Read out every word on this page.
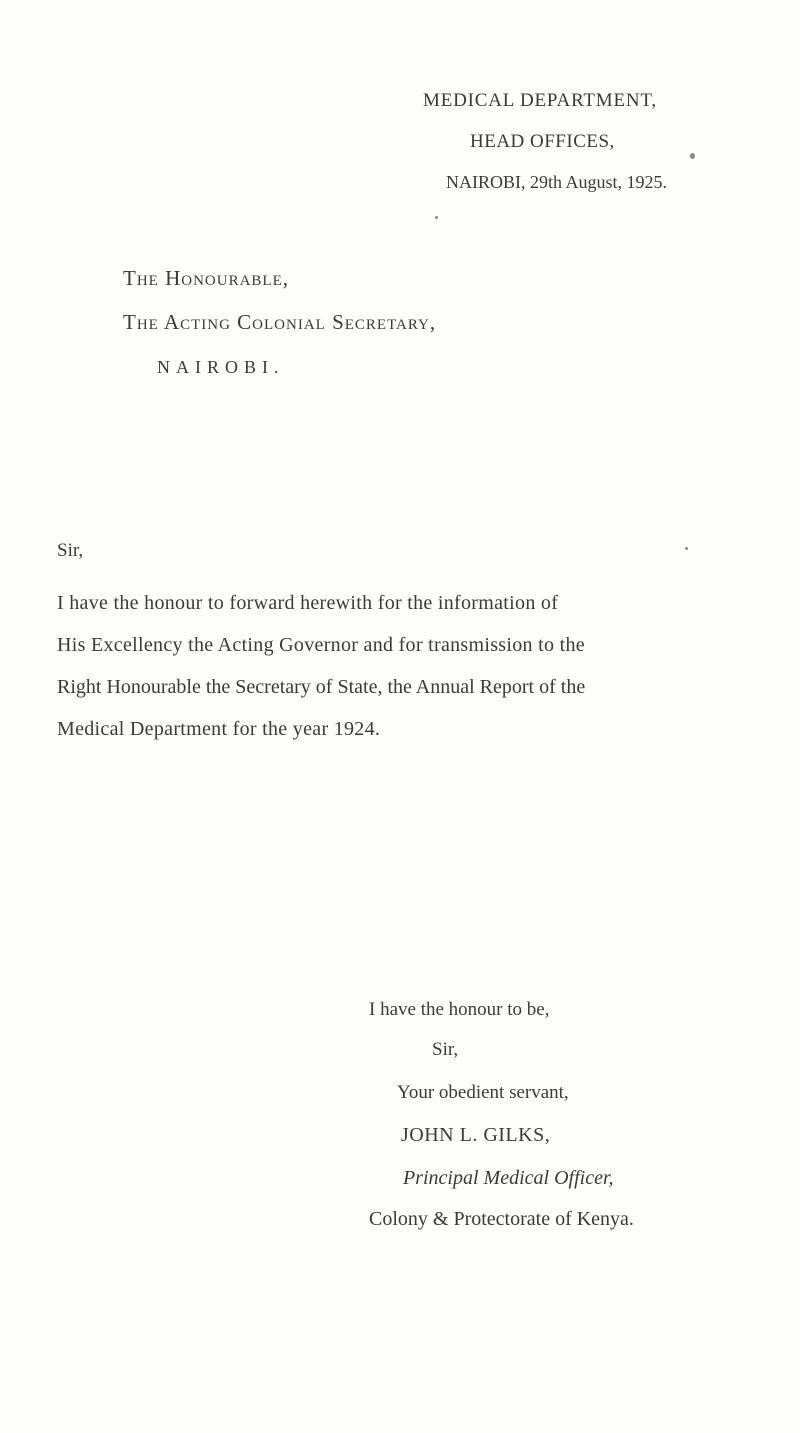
MEDICAL DEPARTMENT,
HEAD OFFICES,
NAIROBI, 29th August, 1925.
The Honourable,
The Acting Colonial Secretary,
NAIROBI.
Sir,
I have the honour to forward herewith for the information of
His Excellency the Acting Governor and for transmission to the
Right Honourable the Secretary of State, the Annual Report of the
Medical Department for the year 1924.
I have the honour to be,
Sir,
Your obedient servant,
JOHN L. GILKS,
Principal Medical Officer,
Colony & Protectorate of Kenya.
